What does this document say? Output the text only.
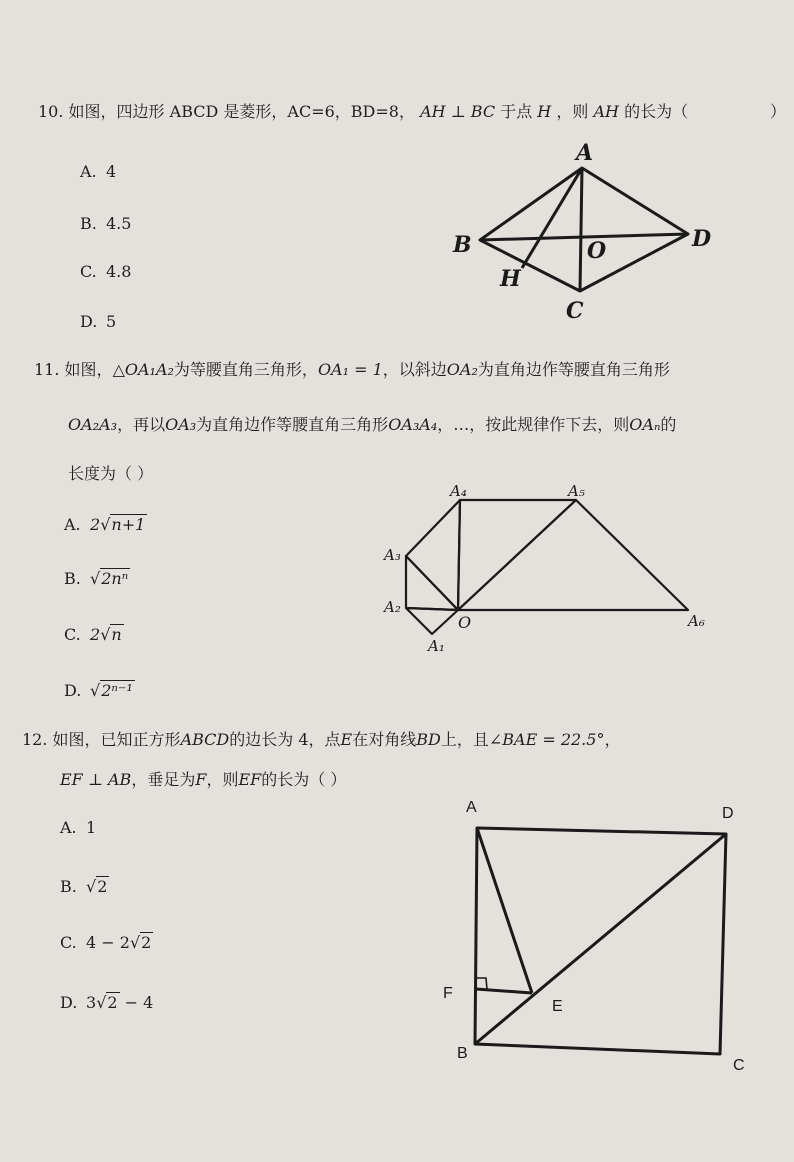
10. 如图，四边形 ABCD 是菱形，AC=6，BD=8， AH ⊥ BC 于点 H ，则 AH 的长为（	）
A. 4
B. 4.5
C. 4.8
D. 5
A
B
C
D
O
H
11. 如图，△OA₁A₂为等腰直角三角形，OA₁ = 1，以斜边OA₂为直角边作等腰直角三角形
OA₂A₃，再以OA₃为直角边作等腰直角三角形OA₃A₄，…，按此规律作下去，则OAₙ的
长度为（ ）
A. 2√n+1
B. √2nⁿ
C. 2√n
D. √2ⁿ⁻¹
A₁
A₂
A₃
A₄	A₅
A₆
O
12. 如图，已知正方形ABCD的边长为 4，点E在对角线BD上，且∠BAE = 22.5°，
EF ⊥ AB，垂足为F，则EF的长为（ ）
A. 1
B. √2
C. 4 − 2√2
D. 3√2 − 4
A	D
B
C
F
E
